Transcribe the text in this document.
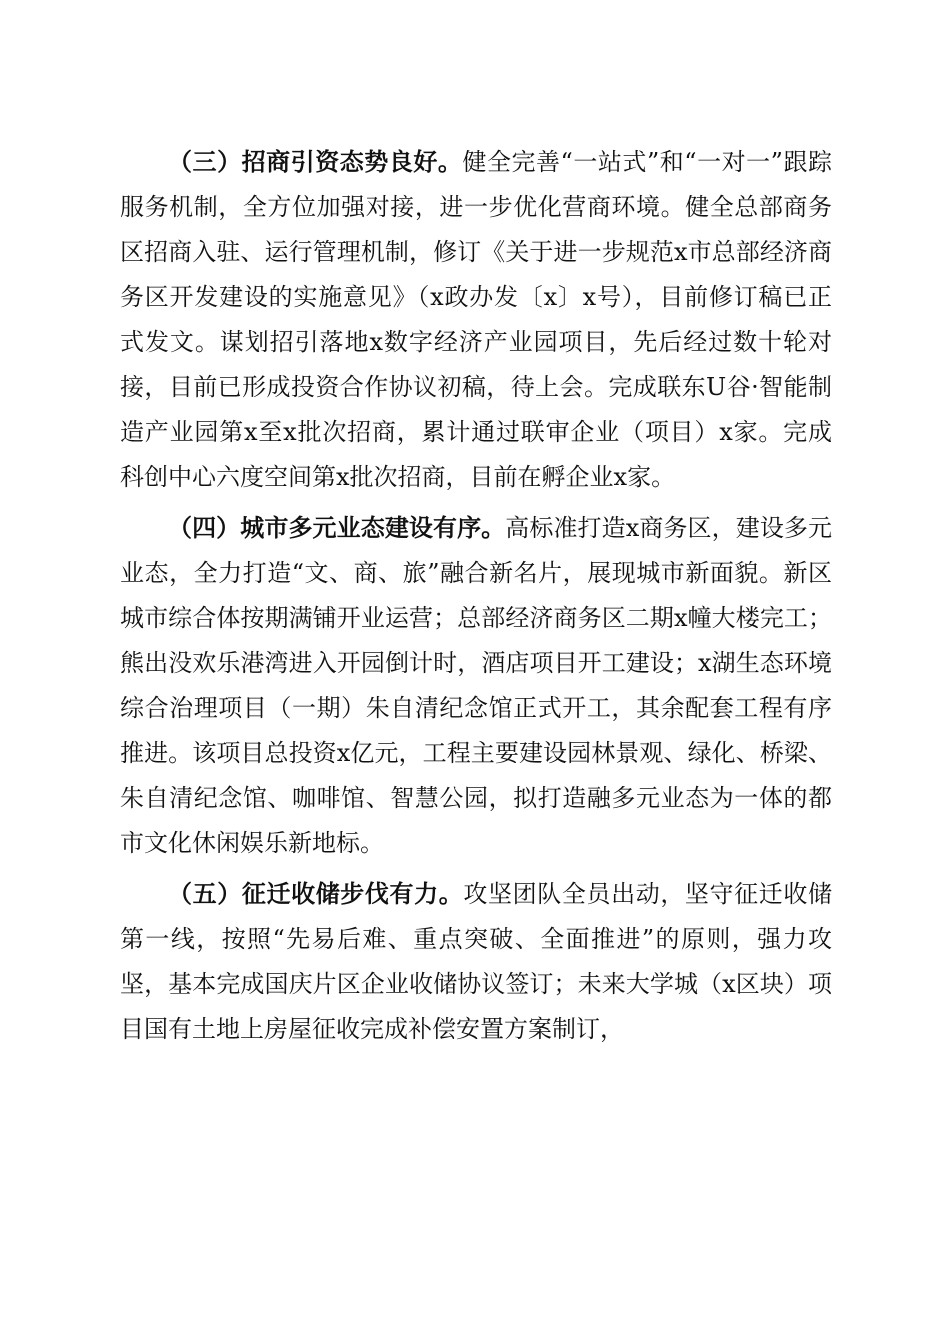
（三）招商引资态势良好。健全完善“一站式”和“一对一”跟踪服务机制，全方位加强对接，进一步优化营商环境。健全总部商务区招商入驻、运行管理机制，修订《关于进一步规范x市总部经济商务区开发建设的实施意见》（x政办发〔x〕x号），目前修订稿已正式发文。谋划招引落地x数字经济产业园项目，先后经过数十轮对接，目前已形成投资合作协议初稿，待上会。完成联东U谷·智能制造产业园第x至x批次招商，累计通过联审企业（项目）x家。完成科创中心六度空间第x批次招商，目前在孵企业x家。

（四）城市多元业态建设有序。高标准打造x商务区，建设多元业态，全力打造“文、商、旅”融合新名片，展现城市新面貌。新区城市综合体按期满铺开业运营；总部经济商务区二期x幢大楼完工；熊出没欢乐港湾进入开园倒计时，酒店项目开工建设；x湖生态环境综合治理项目（一期）朱自清纪念馆正式开工，其余配套工程有序推进。该项目总投资x亿元，工程主要建设园林景观、绿化、桥梁、朱自清纪念馆、咖啡馆、智慧公园，拟打造融多元业态为一体的都市文化休闲娱乐新地标。

（五）征迁收储步伐有力。攻坚团队全员出动，坚守征迁收储第一线，按照“先易后难、重点突破、全面推进”的原则，强力攻坚，基本完成国庆片区企业收储协议签订；未来大学城（x区块）项目国有土地上房屋征收完成补偿安置方案制订，
